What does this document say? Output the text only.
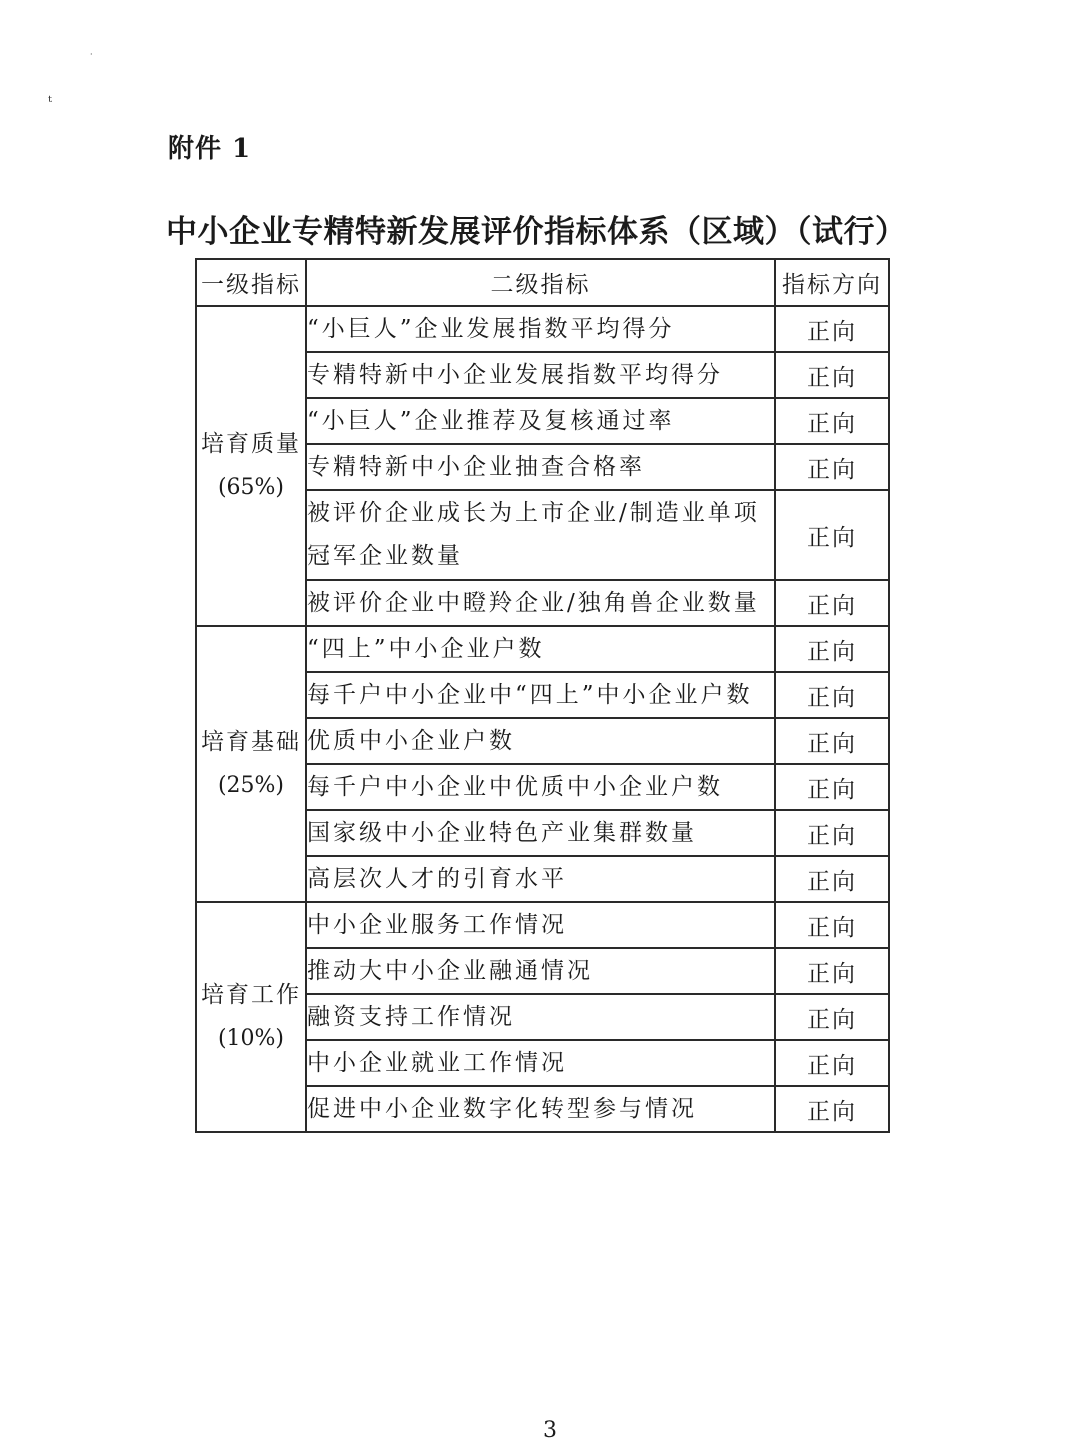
·
ᵗ
附件 1
中小企业专精特新发展评价指标体系（区域）（试行）
一级指标	二级指标	指标方向

培育质量
(65%)	“小巨人”企业发展指数平均得分	正向
	专精特新中小企业发展指数平均得分	正向
	“小巨人”企业推荐及复核通过率	正向
	专精特新中小企业抽查合格率	正向
	被评价企业成长为上市企业/制造业单项冠军企业数量	正向
	被评价企业中瞪羚企业/独角兽企业数量	正向

培育基础
(25%)	“四上”中小企业户数	正向
	每千户中小企业中“四上”中小企业户数	正向
	优质中小企业户数	正向
	每千户中小企业中优质中小企业户数	正向
	国家级中小企业特色产业集群数量	正向
	高层次人才的引育水平	正向

培育工作
(10%)	中小企业服务工作情况	正向
	推动大中小企业融通情况	正向
	融资支持工作情况	正向
	中小企业就业工作情况	正向
	促进中小企业数字化转型参与情况	正向
3
